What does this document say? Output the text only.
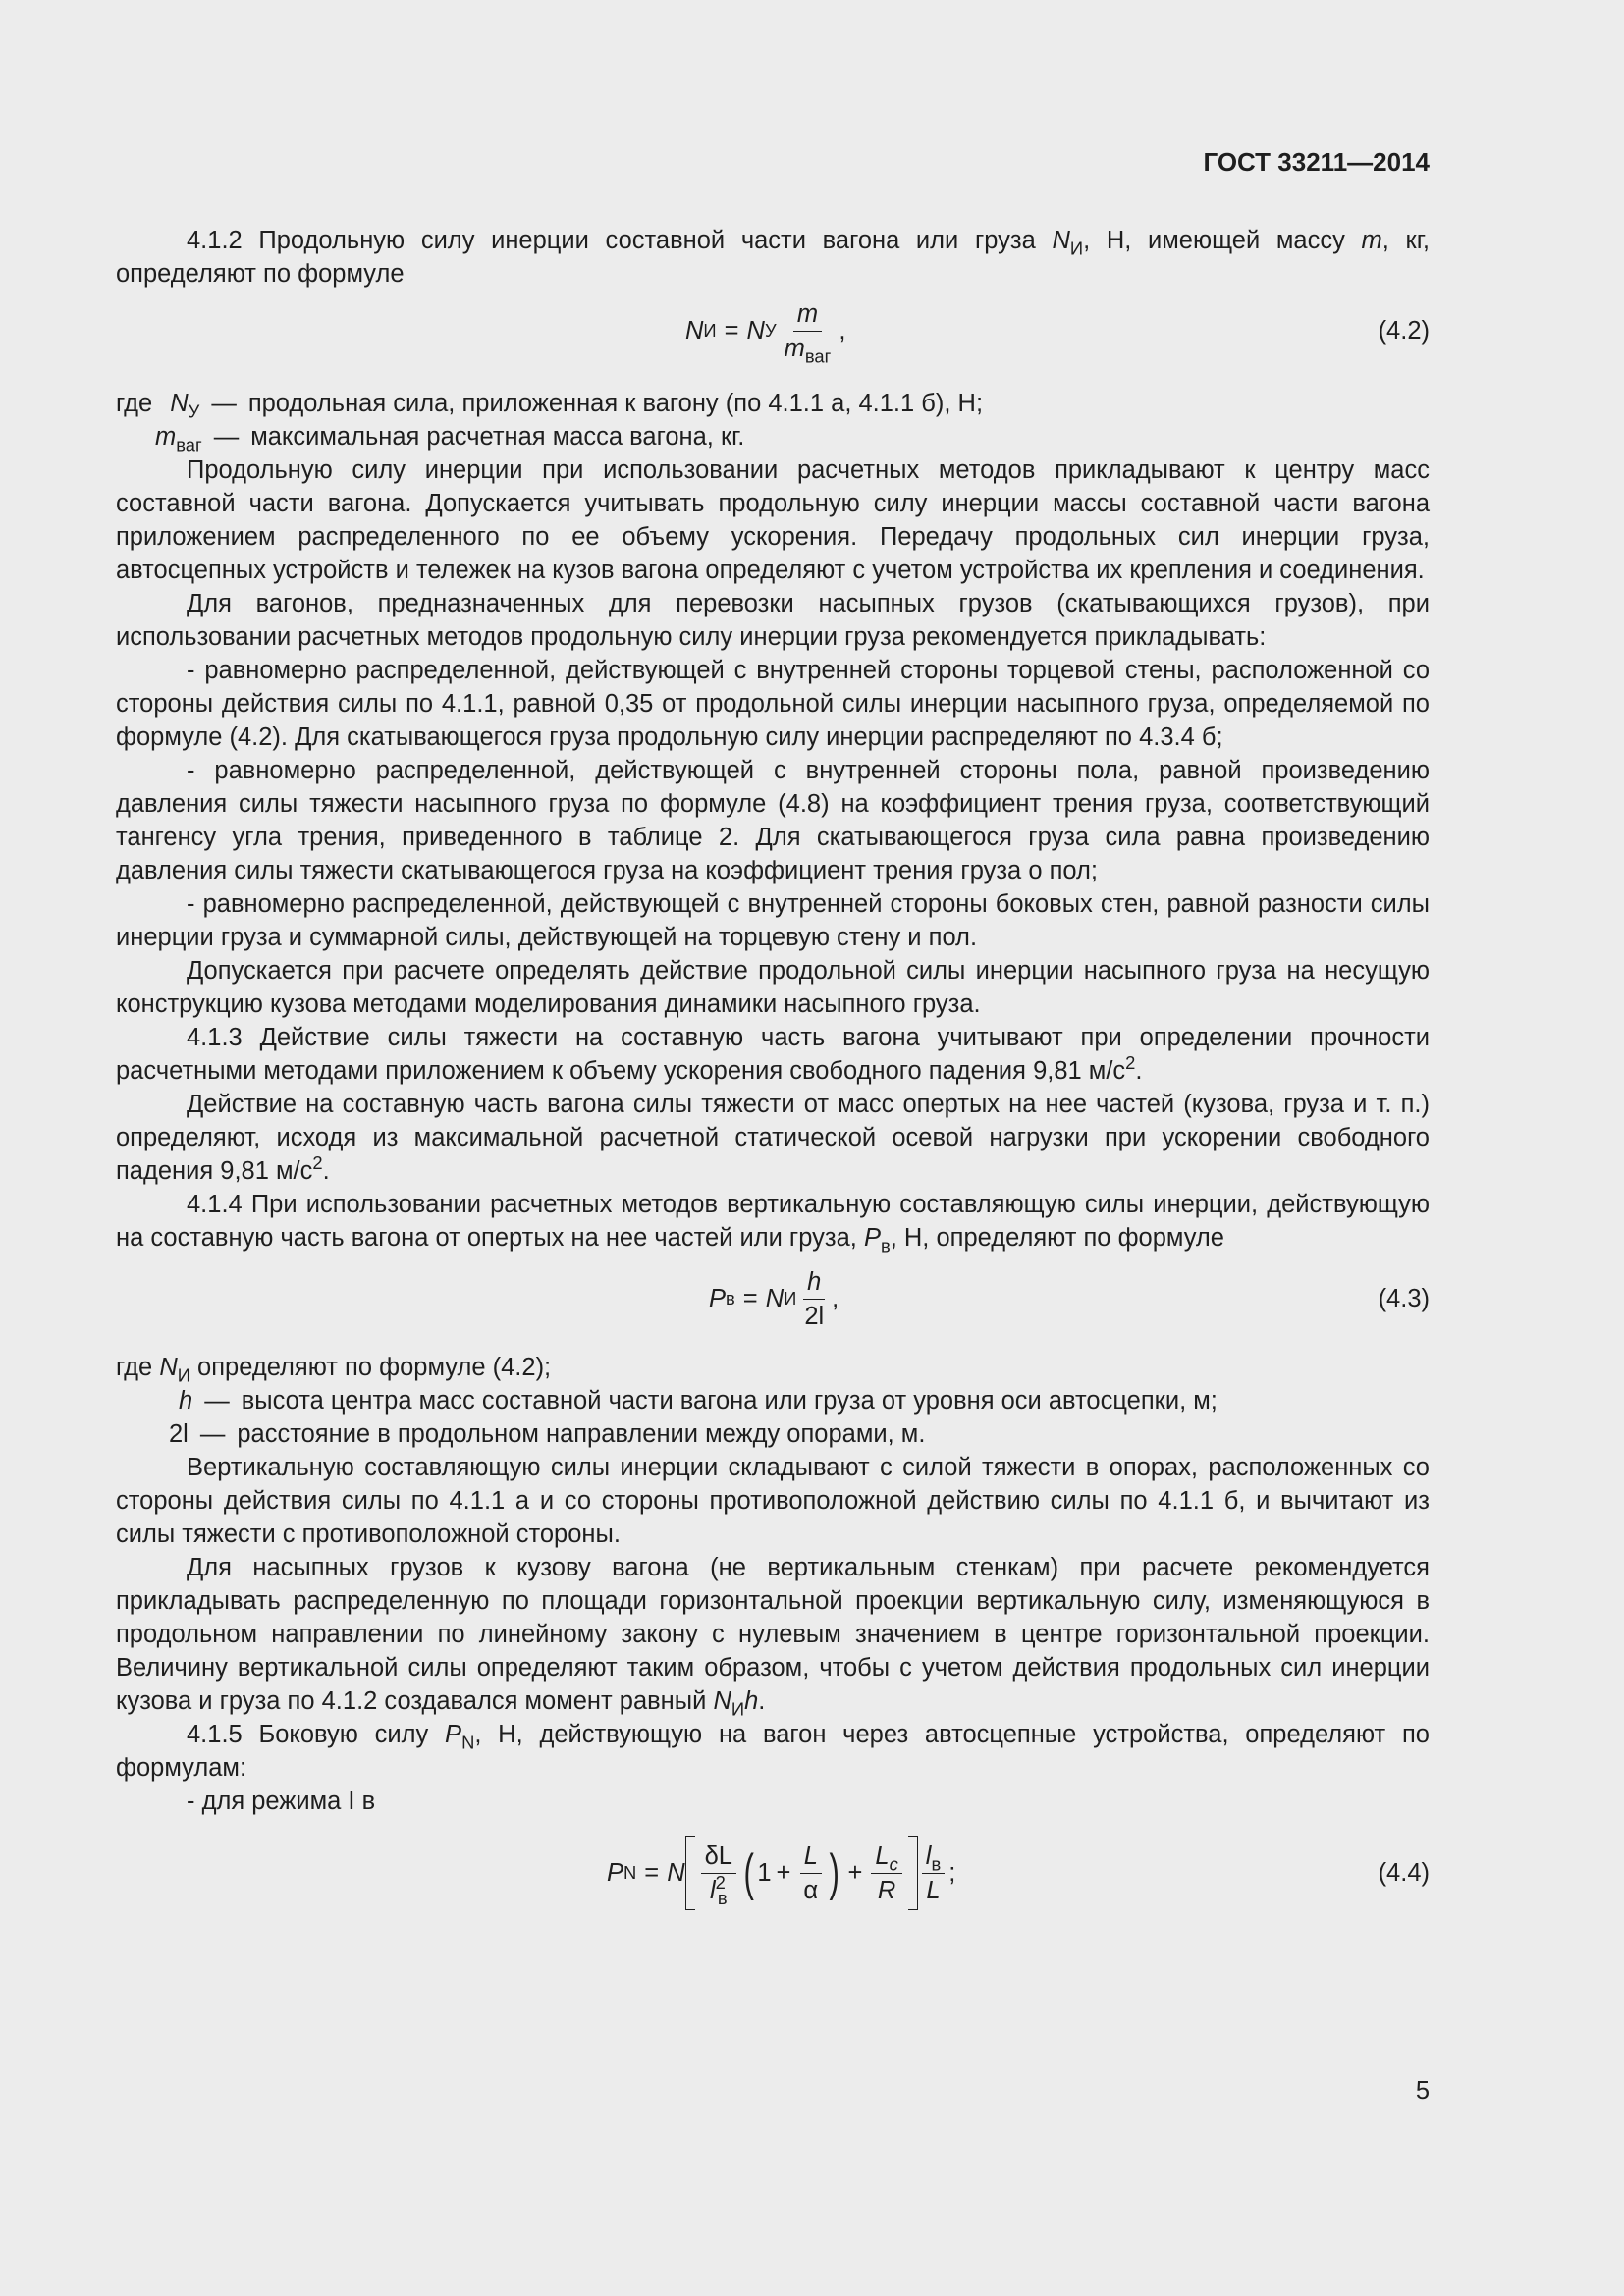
ГОСТ 33211—2014

4.1.2 Продольную силу инерции составной части вагона или груза $N_И$, Н, имеющей массу m, кг, определяют по формуле

N И = N У $\frac{m}{m_{ваг}}$ ,	(4.2)
где $N_У$ — продольная сила, приложенная к вагону (по 4.1.1 а, 4.1.1 б), Н;
$m_{ваг}$ — максимальная расчетная масса вагона, кг.

Продольную силу инерции при использовании расчетных методов прикладывают к центру масс составной части вагона. Допускается учитывать продольную силу инерции массы составной части вагона приложением распределенного по ее объему ускорения. Передачу продольных сил инерции груза, автосцепных устройств и тележек на кузов вагона определяют с учетом устройства их крепления и соединения.

Для вагонов, предназначенных для перевозки насыпных грузов (скатывающихся грузов), при использовании расчетных методов продольную силу инерции груза рекомендуется прикладывать:

- равномерно распределенной, действующей с внутренней стороны торцевой стены, расположенной со стороны действия силы по 4.1.1, равной 0,35 от продольной силы инерции насыпного груза, определяемой по формуле (4.2). Для скатывающегося груза продольную силу инерции распределяют по 4.3.4 б;

- равномерно распределенной, действующей с внутренней стороны пола, равной произведению давления силы тяжести насыпного груза по формуле (4.8) на коэффициент трения груза, соответствующий тангенсу угла трения, приведенного в таблице 2. Для скатывающегося груза сила равна произведению давления силы тяжести скатывающегося груза на коэффициент трения груза о пол;

- равномерно распределенной, действующей с внутренней стороны боковых стен, равной разности силы инерции груза и суммарной силы, действующей на торцевую стену и пол.

Допускается при расчете определять действие продольной силы инерции насыпного груза на несущую конструкцию кузова методами моделирования динамики насыпного груза.

4.1.3 Действие силы тяжести на составную часть вагона учитывают при определении прочности расчетными методами приложением к объему ускорения свободного падения 9,81 $м/с^2$.

Действие на составную часть вагона силы тяжести от масс опертых на нее частей (кузова, груза и т. п.) определяют, исходя из максимальной расчетной статической осевой нагрузки при ускорении свободного падения 9,81 $м/с^2$.

4.1.4 При использовании расчетных методов вертикальную составляющую силы инерции, действующую на составную часть вагона от опертых на нее частей или груза, $P_в$, Н, определяют по формуле

P в = N И $\frac{h}{2l}$ ,	(4.3)

где $N_И$ определяют по формуле (4.2);

h — высота центра масс составной части вагона или груза от уровня оси автосцепки, м;
2l — расстояние в продольном направлении между опорами, м.

Вертикальную составляющую силы инерции складывают с силой тяжести в опорах, расположенных со стороны действия силы по 4.1.1 а и со стороны противоположной действию силы по 4.1.1 б, и вычитают из силы тяжести с противоположной стороны.

Для насыпных грузов к кузову вагона (не вертикальным стенкам) при расчете рекомендуется прикладывать распределенную по площади горизонтальной проекции вертикальную силу, изменяющуюся в продольном направлении по линейному закону с нулевым значением в центре горизонтальной проекции. Величину вертикальной силы определяют таким образом, чтобы с учетом действия продольных сил инерции кузова и груза по 4.1.2 создавался момент равный $N_Иh$.

4.1.5 Боковую силу $P_N$, Н, действующую на вагон через автосцепные устройства, определяют по формулам:

- для режима I в

P N = N $\frac{\delta L}{l^2_в}$ ( $1 + \frac{L}{\alpha}$ ) + $\frac{L_c}{R} \frac{l_в}{L}$ ;	(4.4)
5
